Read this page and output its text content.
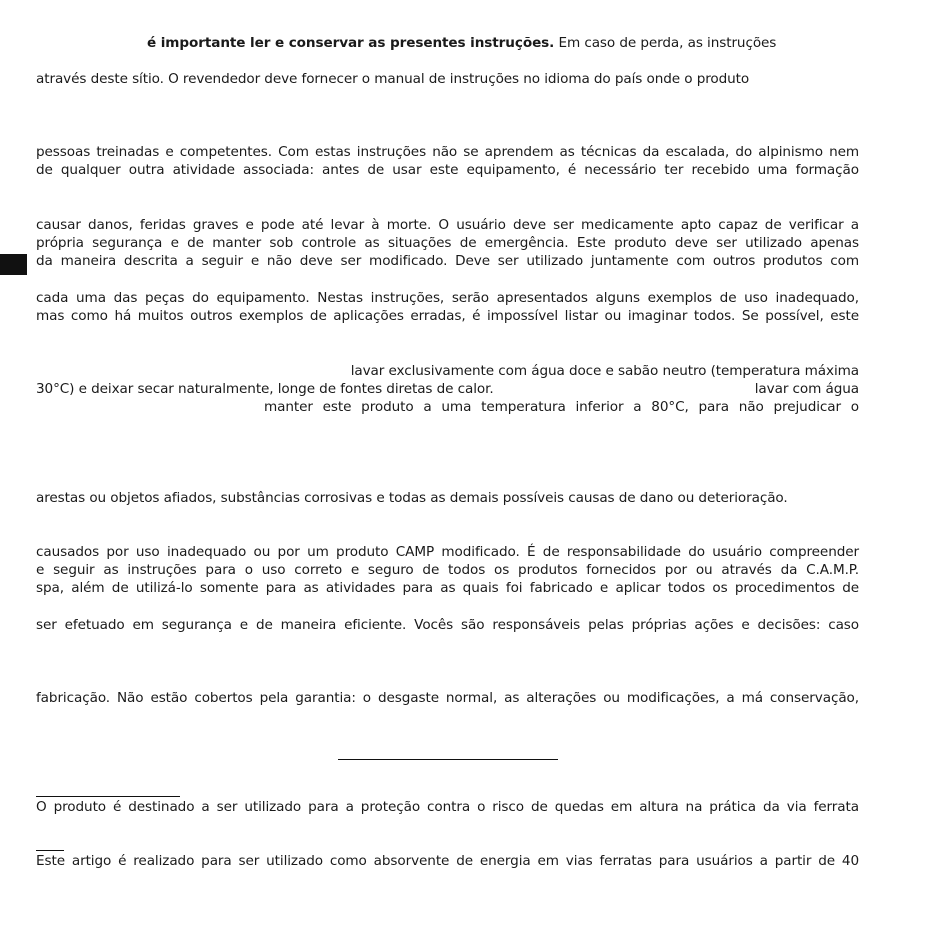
é importante ler e conservar as presentes instruções. Em caso de perda, as instruções
através deste sítio. O revendedor deve fornecer o manual de instruções no idioma do país onde o produto
pessoas treinadas e competentes. Com estas instruções não se aprendem as técnicas da escalada, do alpinismo nem
de qualquer outra atividade associada: antes de usar este equipamento, é necessário ter recebido uma formação
causar danos, feridas graves e pode até levar à morte. O usuário deve ser medicamente apto capaz de verificar a
própria segurança e de manter sob controle as situações de emergência. Este produto deve ser utilizado apenas
da maneira descrita a seguir e não deve ser modificado. Deve ser utilizado juntamente com outros produtos com
cada uma das peças do equipamento. Nestas instruções, serão apresentados alguns exemplos de uso inadequado,
mas como há muitos outros exemplos de aplicações erradas, é impossível listar ou imaginar todos. Se possível, este
lavar exclusivamente com água doce e sabão neutro (temperatura máxima
30°C) e deixar secar naturalmente, longe de fontes diretas de calor.	lavar com água
manter este produto a uma temperatura inferior a 80°C, para não prejudicar o
arestas ou objetos afiados, substâncias corrosivas e todas as demais possíveis causas de dano ou deterioração.
causados por uso inadequado ou por um produto CAMP modificado. É de responsabilidade do usuário compreender
e seguir as instruções para o uso correto e seguro de todos os produtos fornecidos por ou através da C.A.M.P.
spa, além de utilizá-lo somente para as atividades para as quais foi fabricado e aplicar todos os procedimentos de
ser efetuado em segurança e de maneira eficiente. Vocês são responsáveis pelas próprias ações e decisões: caso
fabricação. Não estão cobertos pela garantia: o desgaste normal, as alterações ou modificações, a má conservação,
O produto é destinado a ser utilizado para a proteção contra o risco de quedas em altura na prática da via ferrata
Este artigo é realizado para ser utilizado como absorvente de energia em vias ferratas para usuários a partir de 40
